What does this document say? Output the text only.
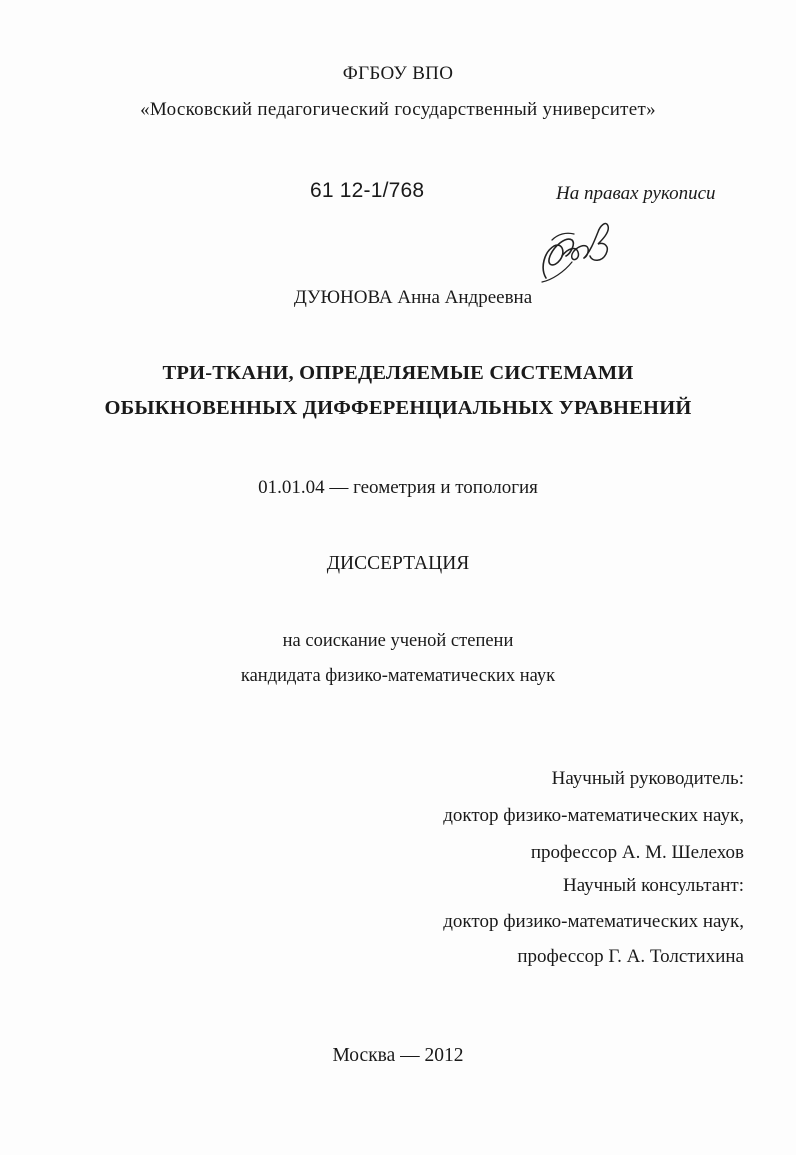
ФГБОУ ВПО
«Московский педагогический государственный университет»
61 12-1/768	На правах рукописи
ДУЮНОВА Анна Андреевна
ТРИ-ТКАНИ, ОПРЕДЕЛЯЕМЫЕ СИСТЕМАМИ
ОБЫКНОВЕННЫХ ДИФФЕРЕНЦИАЛЬНЫХ УРАВНЕНИЙ
01.01.04 — геометрия и топология
ДИССЕРТАЦИЯ
на соискание ученой степени
кандидата физико-математических наук
Научный руководитель:
доктор физико-математических наук,
профессор А. М. Шелехов
Научный консультант:
доктор физико-математических наук,
профессор Г. А. Толстихина
Москва — 2012
